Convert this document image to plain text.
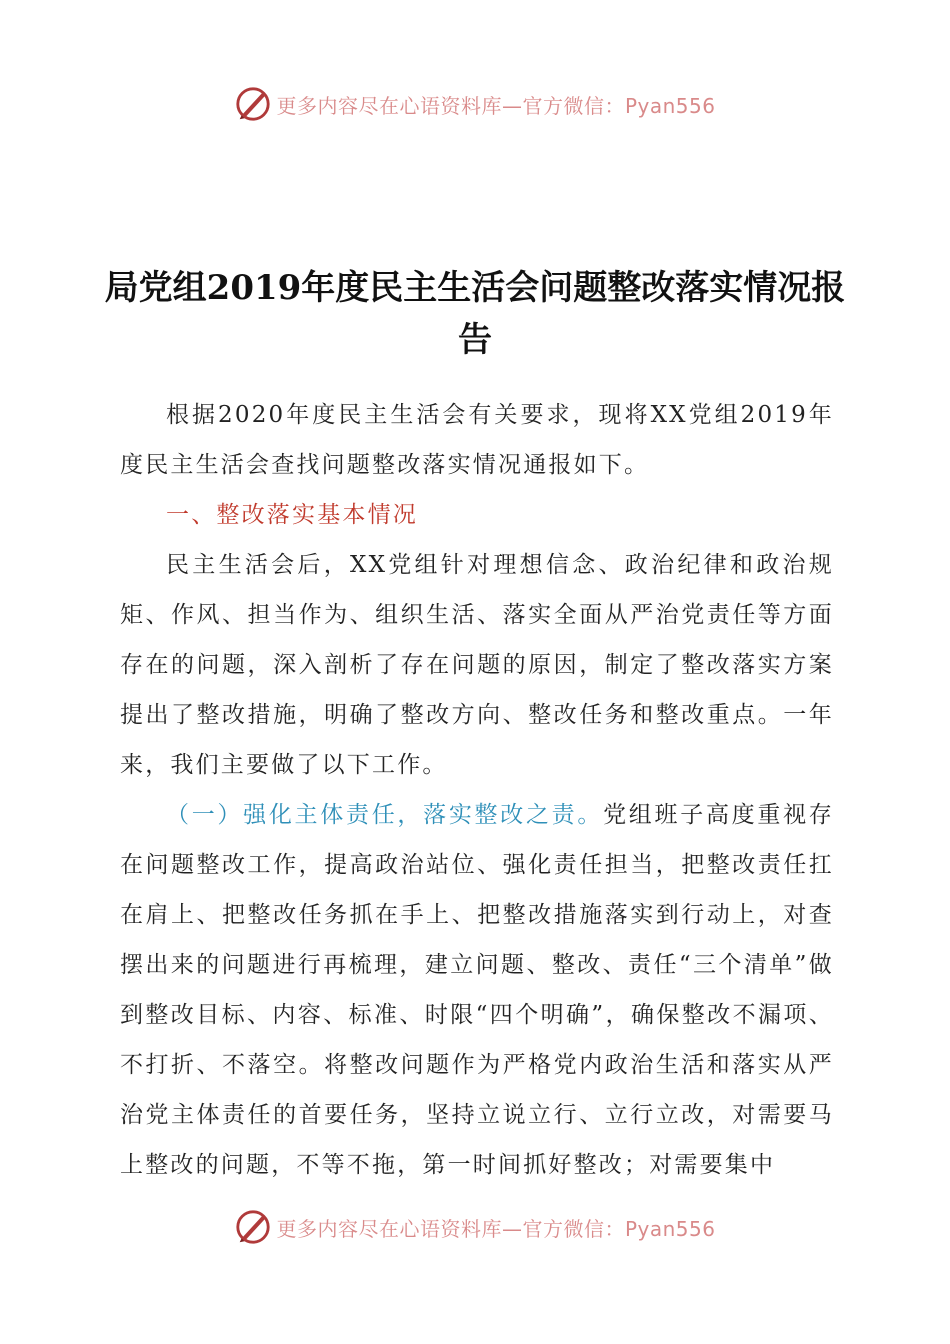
更多内容尽在心语资料库—官方微信：Pyan556
局党组2019年度民主生活会问题整改落实情况报告

根据2020年度民主生活会有关要求，现将XX党组2019年度民主生活会查找问题整改落实情况通报如下。

一、整改落实基本情况

民主生活会后，XX党组针对理想信念、政治纪律和政治规矩、作风、担当作为、组织生活、落实全面从严治党责任等方面存在的问题，深入剖析了存在问题的原因，制定了整改落实方案提出了整改措施，明确了整改方向、整改任务和整改重点。一年来，我们主要做了以下工作。

（一）强化主体责任，落实整改之责。党组班子高度重视存在问题整改工作，提高政治站位、强化责任担当，把整改责任扛在肩上、把整改任务抓在手上、把整改措施落实到行动上，对查摆出来的问题进行再梳理，建立问题、整改、责任“三个清单”做到整改目标、内容、标准、时限“四个明确”，确保整改不漏项、不打折、不落空。将整改问题作为严格党内政治生活和落实从严治党主体责任的首要任务，坚持立说立行、立行立改，对需要马上整改的问题，不等不拖，第一时间抓好整改；对需要集中

更多内容尽在心语资料库—官方微信：Pyan556
